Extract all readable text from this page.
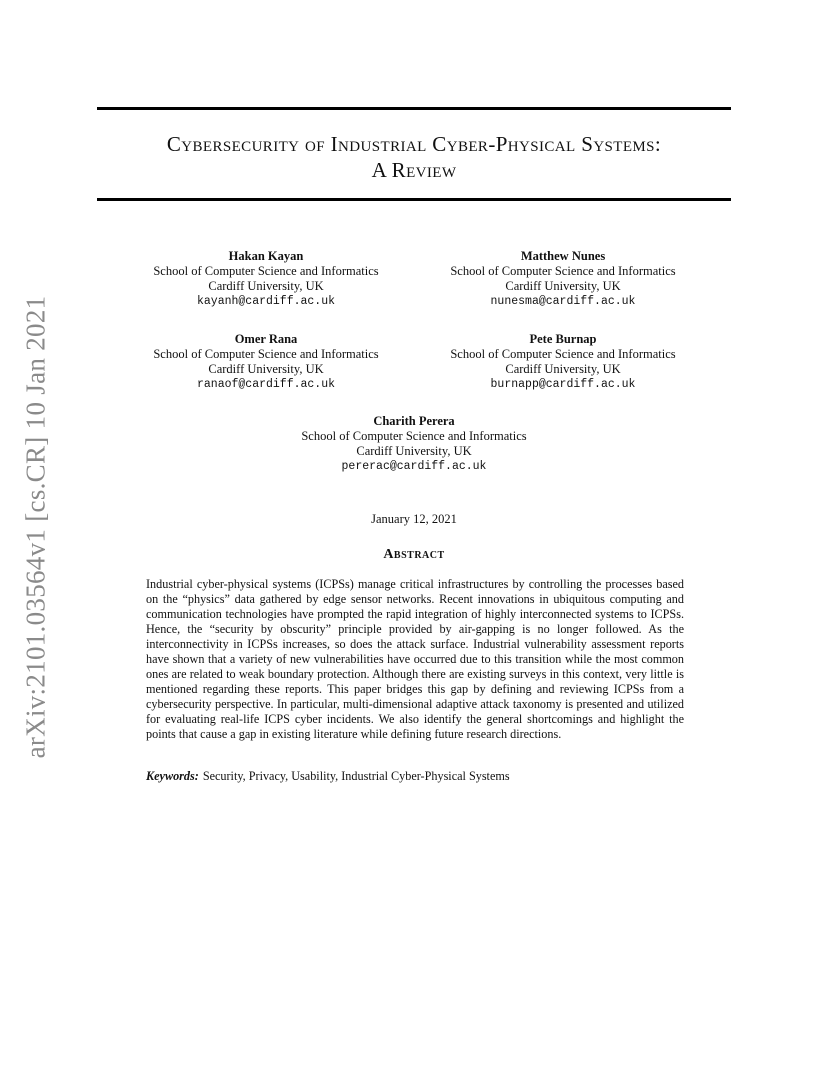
arXiv:2101.03564v1 [cs.CR] 10 Jan 2021
Cybersecurity of Industrial Cyber-Physical Systems:
A Review
Hakan Kayan
School of Computer Science and Informatics
Cardiff University, UK
kayanh@cardiff.ac.uk
Matthew Nunes
School of Computer Science and Informatics
Cardiff University, UK
nunesma@cardiff.ac.uk
Omer Rana
School of Computer Science and Informatics
Cardiff University, UK
ranaof@cardiff.ac.uk
Pete Burnap
School of Computer Science and Informatics
Cardiff University, UK
burnapp@cardiff.ac.uk
Charith Perera
School of Computer Science and Informatics
Cardiff University, UK
pererac@cardiff.ac.uk
January 12, 2021
Abstract
Industrial cyber-physical systems (ICPSs) manage critical infrastructures by controlling the processes based on the “physics” data gathered by edge sensor networks. Recent innovations in ubiquitous computing and communication technologies have prompted the rapid integration of highly interconnected systems to ICPSs. Hence, the “security by obscurity” principle provided by air-gapping is no longer followed. As the interconnectivity in ICPSs increases, so does the attack surface. Industrial vulnerability assessment reports have shown that a variety of new vulnerabilities have occurred due to this transition while the most common ones are related to weak boundary protection. Although there are existing surveys in this context, very little is mentioned regarding these reports. This paper bridges this gap by defining and reviewing ICPSs from a cybersecurity perspective. In particular, multi-dimensional adaptive attack taxonomy is presented and utilized for evaluating real-life ICPS cyber incidents. We also identify the general shortcomings and highlight the points that cause a gap in existing literature while defining future research directions.
Keywords: Security, Privacy, Usability, Industrial Cyber-Physical Systems
